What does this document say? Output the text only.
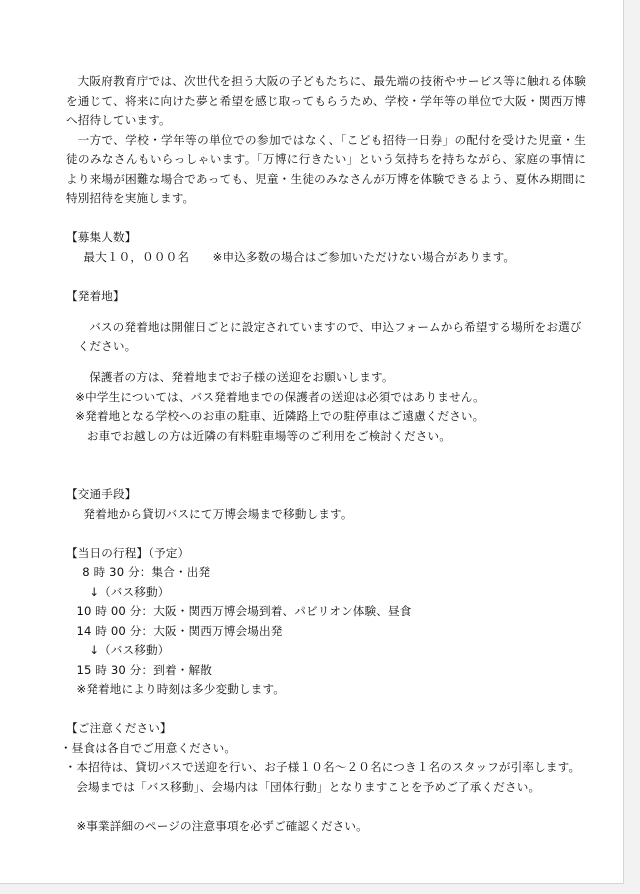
大阪府教育庁では、次世代を担う大阪の子どもたちに、最先端の技術やサービス等に触れる体験を通じて、将来に向けた夢と希望を感じ取ってもらうため、学校・学年等の単位で大阪・関西万博へ招待しています。

一方で、学校・学年等の単位での参加ではなく、「こども招待一日券」の配付を受けた児童・生徒のみなさんもいらっしゃいます。「万博に行きたい」という気持ちを持ちながら、家庭の事情により来場が困難な場合であっても、児童・生徒のみなさんが万博を体験できるよう、夏休み期間に特別招待を実施します。

【募集人数】

最大１０，０００名　　 ※申込多数の場合はご参加いただけない場合があります。

【発着地】

バスの発着地は開催日ごとに設定されていますので、申込フォームから希望する場所をお選びください。

保護者の方は、発着地までお子様の送迎をお願いします。

※中学生については、バス発着地までの保護者の送迎は必須ではありません。

※発着地となる学校へのお車の駐車、近隣路上での駐停車はご遠慮ください。

お車でお越しの方は近隣の有料駐車場等のご利用をご検討ください。

【交通手段】

発着地から貸切バスにて万博会場まで移動します。

【当日の行程】（予定）

8 時 30 分：集合・出発

↓（バス移動）

10 時 00 分：大阪・関西万博会場到着、パビリオン体験、昼食

14 時 00 分：大阪・関西万博会場出発

↓（バス移動）

15 時 30 分：到着・解散

※発着地により時刻は多少変動します。

【ご注意ください】

・昼食は各自でご用意ください。

・本招待は、貸切バスで送迎を行い、お子様１０名～２０名につき１名のスタッフが引率します。会場までは「バス移動」、会場内は「団体行動」となりますことを予めご了承ください。

※事業詳細のページの注意事項を必ずご確認ください。
